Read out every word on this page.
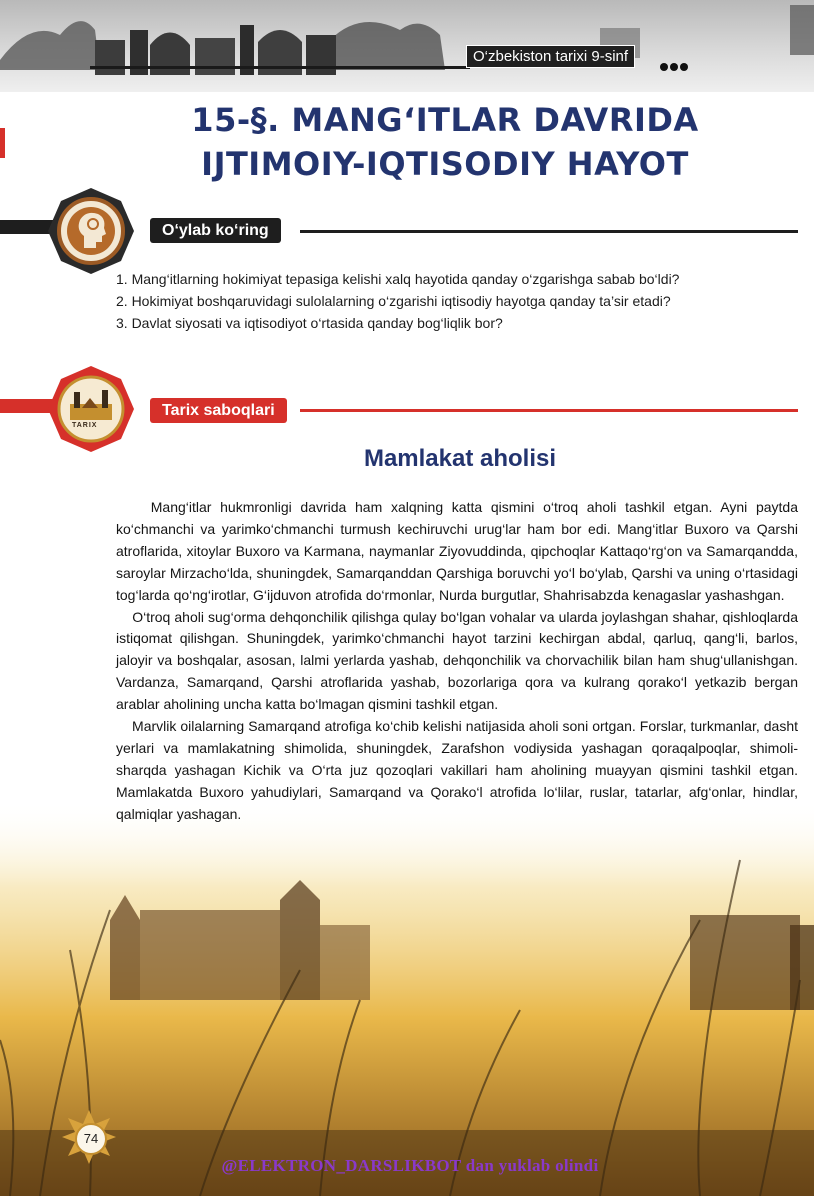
O‘zbekiston tarixi 9-sinf
15-§. MANG‘ITLAR DAVRIDA
IJTIMOIY-IQTISODIY HAYOT
O‘ylab ko‘ring
1. Mang‘itlarning hokimiyat tepasiga kelishi xalq hayotida qanday o‘zgarishga sabab bo‘ldi?
2. Hokimiyat boshqaruvidagi sulolalarning o‘zgarishi iqtisodiy hayotga qanday ta’sir etadi?
3. Davlat siyosati va iqtisodiyot o‘rtasida qanday bog‘liqlik bor?
TARIX
Tarix saboqlari
Mamlakat aholisi

Mang‘itlar hukmronligi davrida ham xalqning katta qismini o‘troq aholi tashkil etgan. Ayni paytda ko‘chmanchi va yarimko‘chmanchi turmush kechiruvchi urug‘lar ham bor edi. Mang‘itlar Buxoro va Qarshi atroflarida, xitoylar Buxoro va Karmana, naymanlar Ziyovuddinda, qipchoqlar Kattaqo‘rg‘on va Samarqandda, saroylar Mirzacho‘lda, shuningdek, Samarqanddan Qarshiga boruvchi yo‘l bo‘ylab, Qarshi va uning o‘rtasidagi tog‘larda qo‘ng‘irotlar, G‘ijduvon atrofida do‘rmonlar, Nurda burgutlar, Shahrisabzda kenagaslar yashashgan.

O‘troq aholi sug‘orma dehqonchilik qilishga qulay bo‘lgan vohalar va ularda joylashgan shahar, qishloqlarda istiqomat qilishgan. Shuningdek, yarimko‘chmanchi hayot tarzini kechirgan abdal, qarluq, qang‘li, barlos, jaloyir va boshqalar, asosan, lalmi yerlarda yashab, dehqonchilik va chorvachilik bilan ham shug‘ullanishgan. Vardanza, Samarqand, Qarshi atroflarida yashab, bozorlariga qora va kulrang qorako‘l yetkazib bergan arablar aholining uncha katta bo‘lmagan qismini tashkil etgan.

Marvlik oilalarning Samarqand atrofiga ko‘chib kelishi natijasida aholi soni ortgan. Forslar, turkmanlar, dasht yerlari va mamlakatning shimolida, shuningdek, Zarafshon vodiysida yashagan qoraqalpoqlar, shimoli-sharqda yashagan Kichik va O‘rta juz qozoqlari vakillari ham aholining muayyan qismini tashkil etgan. Mamlakatda Buxoro yahudiylari, Samarqand va Qorako‘l atrofida lo‘lilar, ruslar, tatarlar, afg‘onlar, hindlar, qalmiqlar yashagan.

74
@ELEKTRON_DARSLIKBOT dan yuklab olindi
